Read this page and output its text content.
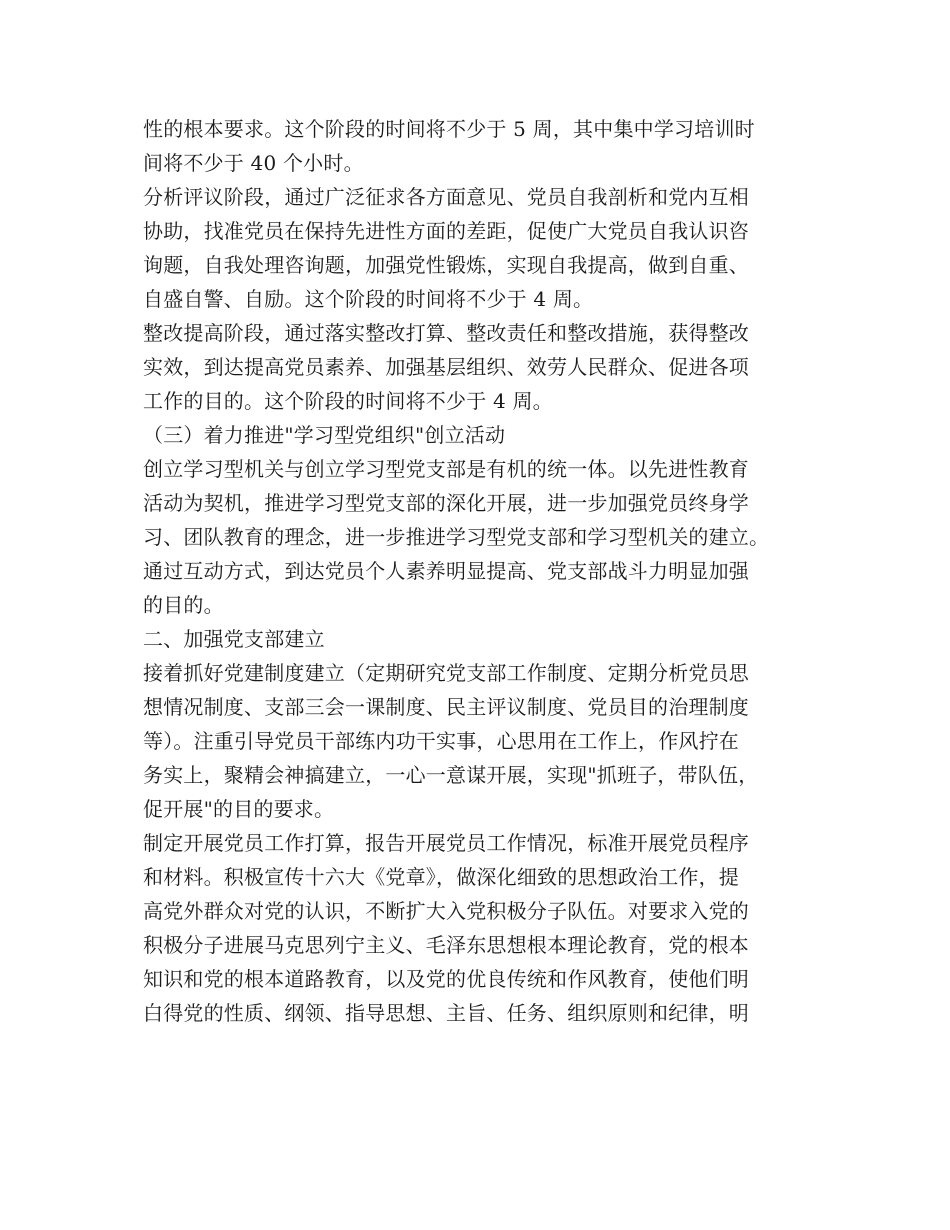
性的根本要求。这个阶段的时间将不少于 5 周，其中集中学习培训时
间将不少于 40 个小时。
分析评议阶段，通过广泛征求各方面意见、党员自我剖析和党内互相
协助，找准党员在保持先进性方面的差距，促使广大党员自我认识咨
询题，自我处理咨询题，加强党性锻炼，实现自我提高，做到自重、
自盛自警、自励。这个阶段的时间将不少于 4 周。
整改提高阶段，通过落实整改打算、整改责任和整改措施，获得整改
实效，到达提高党员素养、加强基层组织、效劳人民群众、促进各项
工作的目的。这个阶段的时间将不少于 4 周。
（三）着力推进"学习型党组织"创立活动
创立学习型机关与创立学习型党支部是有机的统一体。以先进性教育
活动为契机，推进学习型党支部的深化开展，进一步加强党员终身学
习、团队教育的理念，进一步推进学习型党支部和学习型机关的建立。
通过互动方式，到达党员个人素养明显提高、党支部战斗力明显加强
的目的。
二、加强党支部建立
接着抓好党建制度建立（定期研究党支部工作制度、定期分析党员思
想情况制度、支部三会一课制度、民主评议制度、党员目的治理制度
等）。注重引导党员干部练内功干实事，心思用在工作上，作风拧在
务实上，聚精会神搞建立，一心一意谋开展，实现"抓班子，带队伍，
促开展"的目的要求。
制定开展党员工作打算，报告开展党员工作情况，标准开展党员程序
和材料。积极宣传十六大《党章》，做深化细致的思想政治工作，提
高党外群众对党的认识，不断扩大入党积极分子队伍。对要求入党的
积极分子进展马克思列宁主义、毛泽东思想根本理论教育，党的根本
知识和党的根本道路教育，以及党的优良传统和作风教育，使他们明
白得党的性质、纲领、指导思想、主旨、任务、组织原则和纪律，明
